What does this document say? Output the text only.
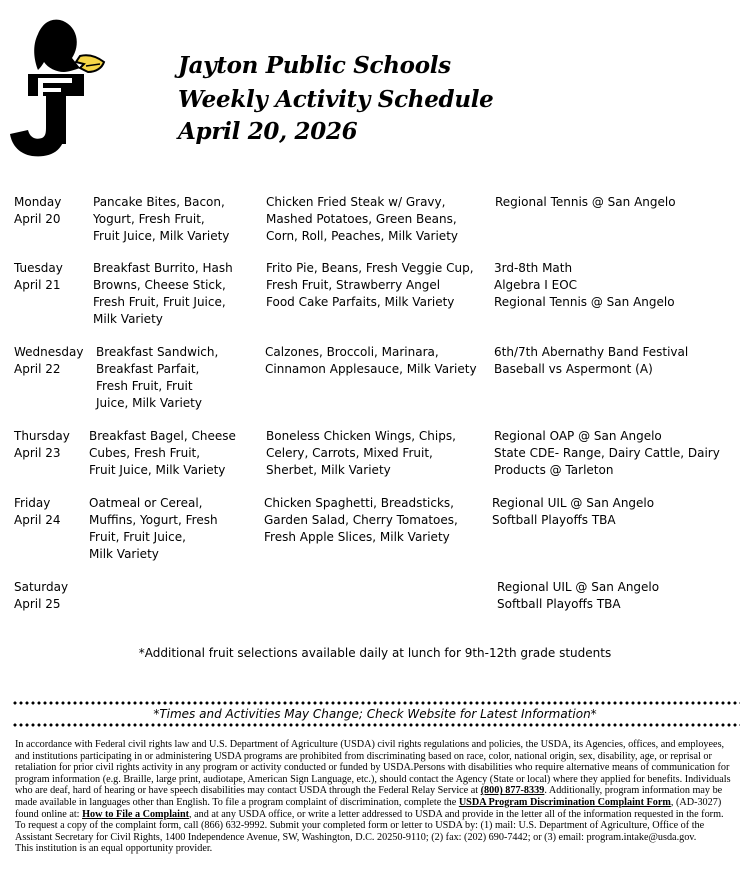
Jayton Public Schools
Weekly Activity Schedule
April 20, 2026
Monday
April 20
Pancake Bites, Bacon,
Yogurt, Fresh Fruit,
Fruit Juice, Milk Variety
Chicken Fried Steak w/ Gravy,
Mashed Potatoes, Green Beans,
Corn, Roll, Peaches, Milk Variety
Regional Tennis @ San Angelo
Tuesday
April 21
Breakfast Burrito, Hash
Browns, Cheese Stick,
Fresh Fruit, Fruit Juice,
Milk Variety
Frito Pie, Beans, Fresh Veggie Cup,
Fresh Fruit, Strawberry Angel
Food Cake Parfaits, Milk Variety
3rd-8th Math
Algebra I EOC
Regional Tennis @ San Angelo
Wednesday
April 22
Breakfast Sandwich,
Breakfast Parfait,
Fresh Fruit, Fruit
Juice, Milk Variety
Calzones, Broccoli, Marinara,
Cinnamon Applesauce, Milk Variety
6th/7th Abernathy Band Festival
Baseball vs Aspermont (A)
Thursday
April 23
Breakfast Bagel, Cheese
Cubes, Fresh Fruit,
Fruit Juice, Milk Variety
Boneless Chicken Wings, Chips,
Celery, Carrots, Mixed Fruit,
Sherbet, Milk Variety
Regional OAP @ San Angelo
State CDE- Range, Dairy Cattle, Dairy
Products @ Tarleton
Friday
April 24
Oatmeal or Cereal,
Muffins, Yogurt, Fresh
Fruit, Fruit Juice,
Milk Variety
Chicken Spaghetti, Breadsticks,
Garden Salad, Cherry Tomatoes,
Fresh Apple Slices, Milk Variety
Regional UIL @ San Angelo
Softball Playoffs TBA
Saturday
April 25
Regional UIL @ San Angelo
Softball Playoffs TBA
*Additional fruit selections available daily at lunch for 9th-12th grade students
*Times and Activities May Change; Check Website for Latest Information*
In accordance with Federal civil rights law and U.S. Department of Agriculture (USDA) civil rights regulations and policies, the USDA, its Agencies, offices, and employees, and institutions participating in or administering USDA programs are prohibited from discriminating based on race, color, national origin, sex, disability, age, or reprisal or retaliation for prior civil rights activity in any program or activity conducted or funded by USDA.Persons with disabilities who require alternative means of communication for program information (e.g. Braille, large print, audiotape, American Sign Language, etc.), should contact the Agency (State or local) where they applied for benefits. Individuals who are deaf, hard of hearing or have speech disabilities may contact USDA through the Federal Relay Service at (800) 877-8339. Additionally, program information may be made available in languages other than English. To file a program complaint of discrimination, complete the USDA Program Discrimination Complaint Form, (AD-3027) found online at: How to File a Complaint, and at any USDA office, or write a letter addressed to USDA and provide in the letter all of the information requested in the form. To request a copy of the complaint form, call (866) 632-9992. Submit your completed form or letter to USDA by: (1) mail: U.S. Department of Agriculture, Office of the Assistant Secretary for Civil Rights, 1400 Independence Avenue, SW, Washington, D.C. 20250-9110; (2) fax: (202) 690-7442; or (3) email: program.intake@usda.gov.
This institution is an equal opportunity provider.
